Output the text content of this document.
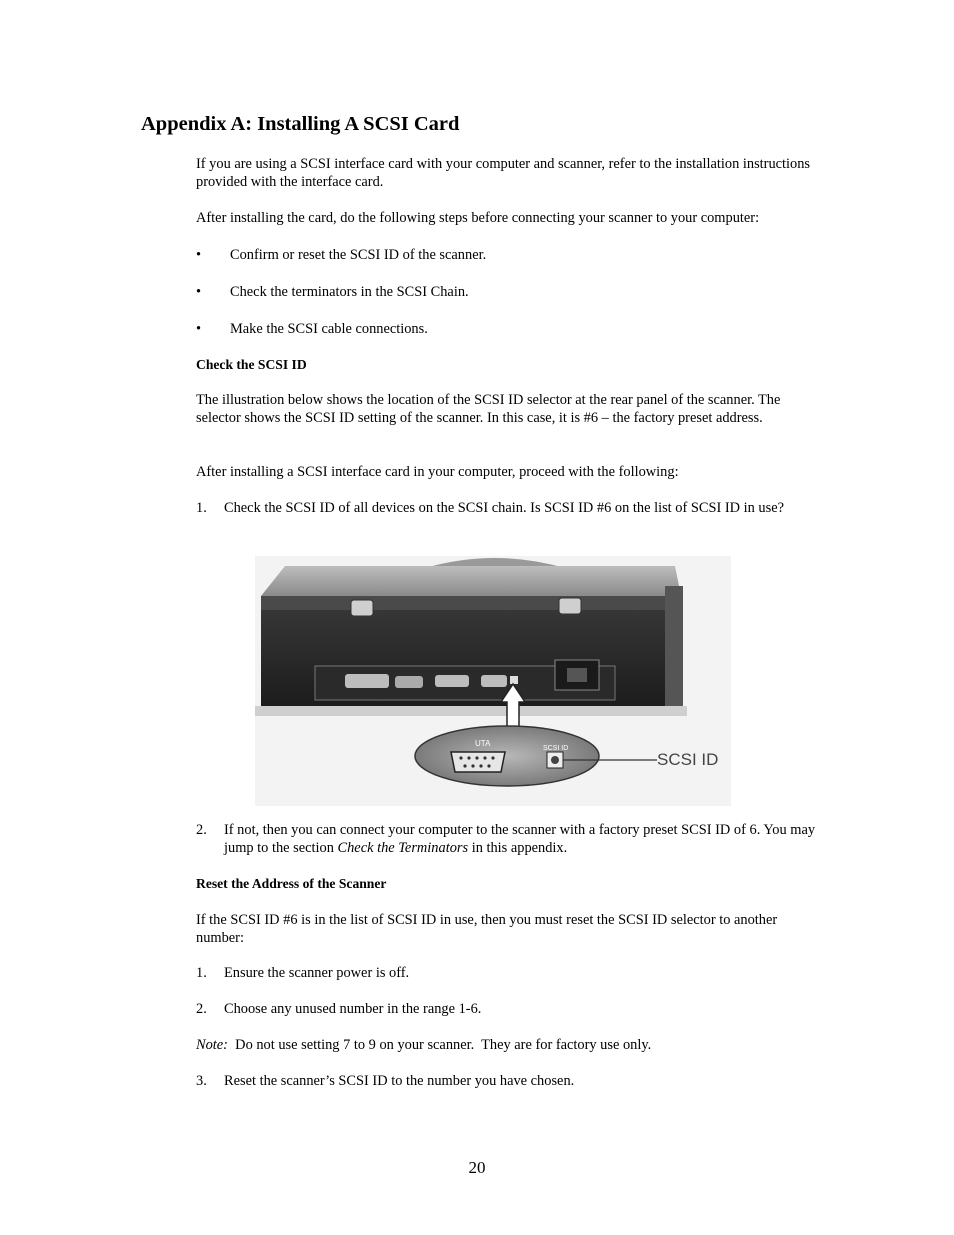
Appendix A: Installing A SCSI Card
If you are using a SCSI interface card with your computer and scanner, refer to the installation instructions provided with the interface card.
After installing the card, do the following steps before connecting your scanner to your computer:
• Confirm or reset the SCSI ID of the scanner.
• Check the terminators in the SCSI Chain.
• Make the SCSI cable connections.
Check the SCSI ID
The illustration below shows the location of the SCSI ID selector at the rear panel of the scanner. The selector shows the SCSI ID setting of the scanner. In this case, it is #6 – the factory preset address.
After installing a SCSI interface card in your computer, proceed with the following:
1. Check the SCSI ID of all devices on the SCSI chain. Is SCSI ID #6 on the list of SCSI ID in use?
UTA
SCSI ID
SCSI ID
2. If not, then you can connect your computer to the scanner with a factory preset SCSI ID of 6. You may jump to the section Check the Terminators in this appendix.
Reset the Address of the Scanner
If the SCSI ID #6 is in the list of SCSI ID in use, then you must reset the SCSI ID selector to another number:
1. Ensure the scanner power is off.
2. Choose any unused number in the range 1-6.
Note:  Do not use setting 7 to 9 on your scanner.  They are for factory use only.
3. Reset the scanner’s SCSI ID to the number you have chosen.
20
